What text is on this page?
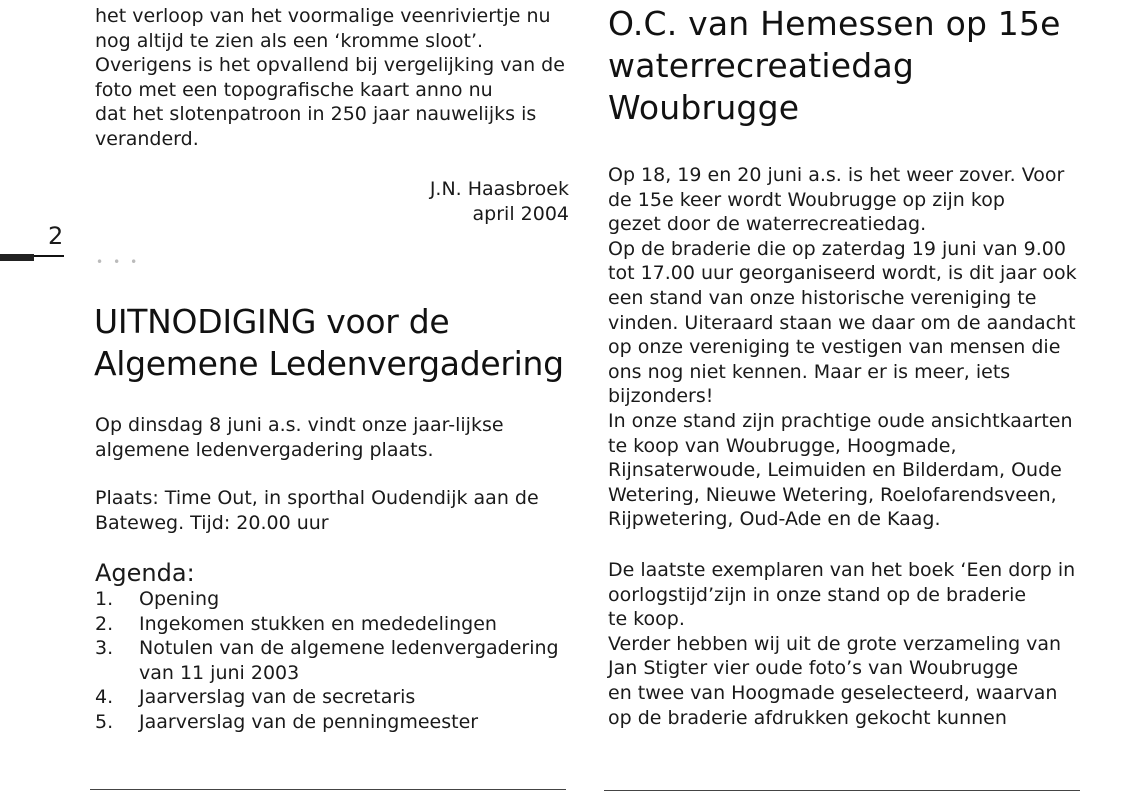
2
het verloop van het voormalige veenriviertje nu
nog altijd te zien als een ‘kromme sloot’.
Overigens is het opvallend bij vergelijking van de
foto met een topografische kaart anno nu
dat het slotenpatroon in 250 jaar nauwelijks is
veranderd.
J.N. Haasbroek
april 2004
•••
UITNODIGING voor de
Algemene Ledenvergadering
Op dinsdag 8 juni a.s. vindt onze jaar-lijkse
algemene ledenvergadering plaats.
Plaats: Time Out, in sporthal Oudendijk aan de
Bateweg. Tijd: 20.00 uur
Agenda:
1. Opening
2. Ingekomen stukken en mededelingen
3. Notulen van de algemene ledenvergadering
van 11 juni 2003
4. Jaarverslag van de secretaris
5. Jaarverslag van de penningmeester
O.C. van Hemessen op 15e
waterrecreatiedag
Woubrugge
Op 18, 19 en 20 juni a.s. is het weer zover. Voor
de 15e keer wordt Woubrugge op zijn kop
gezet door de waterrecreatiedag.
Op de braderie die op zaterdag 19 juni van 9.00
tot 17.00 uur georganiseerd wordt, is dit jaar ook
een stand van onze historische vereniging te
vinden. Uiteraard staan we daar om de aandacht
op onze vereniging te vestigen van mensen die
ons nog niet kennen. Maar er is meer, iets
bijzonders!
In onze stand zijn prachtige oude ansichtkaarten
te koop van Woubrugge, Hoogmade,
Rijnsaterwoude, Leimuiden en Bilderdam, Oude
Wetering, Nieuwe Wetering, Roelofarendsveen,
Rijpwetering, Oud-Ade en de Kaag.
De laatste exemplaren van het boek ‘Een dorp in
oorlogstijd’zijn in onze stand op de braderie
te koop.
Verder hebben wij uit de grote verzameling van
Jan Stigter vier oude foto’s van Woubrugge
en twee van Hoogmade geselecteerd, waarvan
op de braderie afdrukken gekocht kunnen
